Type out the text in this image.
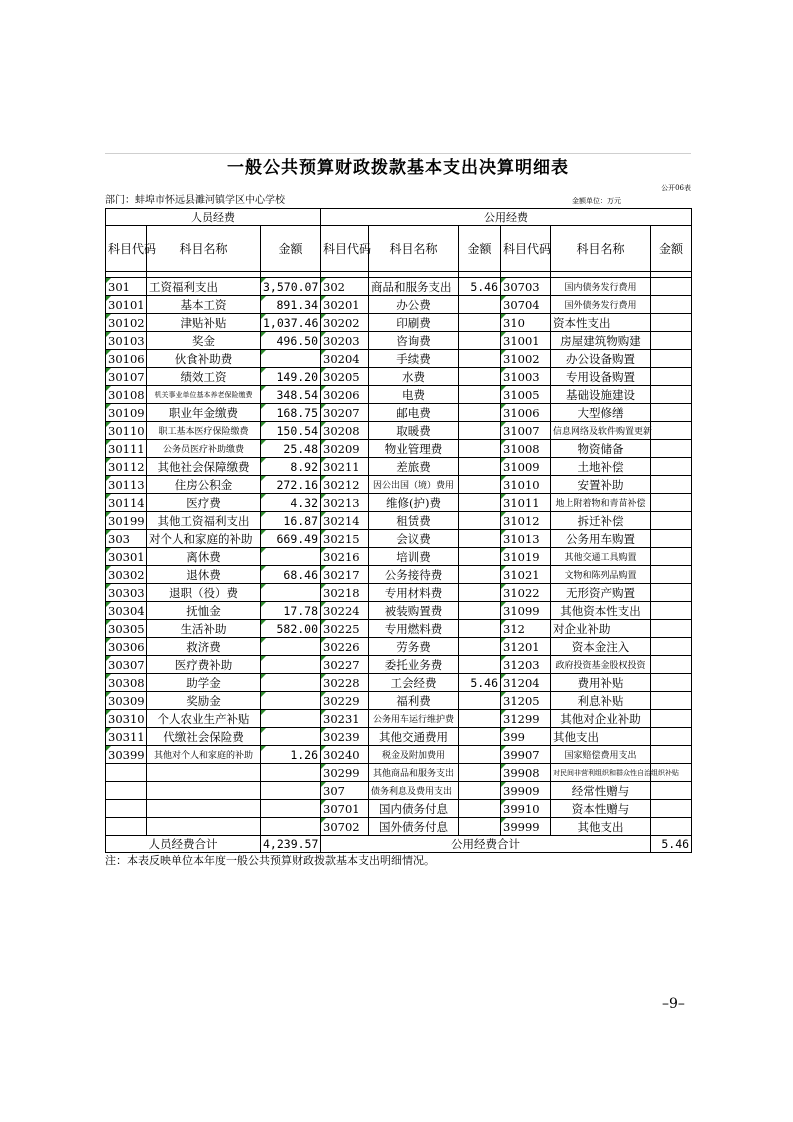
一般公共预算财政拨款基本支出决算明细表
公开06表
部门：蚌埠市怀远县濉河镇学区中心学校	金额单位：万元
人员经费			公用经费					
科目代码	科目名称	金额	科目代码	科目名称	金额	科目代码	科目名称	金额

301	工资福利支出	3,570.07	302	商品和服务支出	5.46	30703	国内债务发行费用	
30101	基本工资	891.34	30201	办公费		30704	国外债务发行费用	
30102	津贴补贴	1,037.46	30202	印刷费		310	资本性支出	
30103	奖金	496.50	30203	咨询费		31001	房屋建筑物购建	
30106	伙食补助费		30204	手续费		31002	办公设备购置	
30107	绩效工资	149.20	30205	水费		31003	专用设备购置	
30108	机关事业单位基本养老保险缴费	348.54	30206	电费		31005	基础设施建设	
30109	职业年金缴费	168.75	30207	邮电费		31006	大型修缮	
30110	职工基本医疗保险缴费	150.54	30208	取暖费		31007	信息网络及软件购置更新	
30111	公务员医疗补助缴费	25.48	30209	物业管理费		31008	物资储备	
30112	其他社会保障缴费	8.92	30211	差旅费		31009	土地补偿	
30113	住房公积金	272.16	30212	因公出国（境）费用		31010	安置补助	
30114	医疗费	4.32	30213	维修(护)费		31011	地上附着物和青苗补偿	
30199	其他工资福利支出	16.87	30214	租赁费		31012	拆迁补偿	
303	对个人和家庭的补助	669.49	30215	会议费		31013	公务用车购置	
30301	离休费		30216	培训费		31019	其他交通工具购置	
30302	退休费	68.46	30217	公务接待费		31021	文物和陈列品购置	
30303	退职（役）费		30218	专用材料费		31022	无形资产购置	
30304	抚恤金	17.78	30224	被装购置费		31099	其他资本性支出	
30305	生活补助	582.00	30225	专用燃料费		312	对企业补助	
30306	救济费		30226	劳务费		31201	资本金注入	
30307	医疗费补助		30227	委托业务费		31203	政府投资基金股权投资	
30308	助学金		30228	工会经费	5.46	31204	费用补贴	
30309	奖励金		30229	福利费		31205	利息补贴	
30310	个人农业生产补贴		30231	公务用车运行维护费		31299	其他对企业补助	
30311	代缴社会保险费		30239	其他交通费用		399	其他支出	
30399	其他对个人和家庭的补助	1.26	30240	税金及附加费用		39907	国家赔偿费用支出	
			30299	其他商品和服务支出		39908	对民间非营利组织和群众性自治组织补贴	
			307	债务利息及费用支出		39909	经常性赠与	
			30701	国内债务付息		39910	资本性赠与	
			30702	国外债务付息		39999	其他支出	
人员经费合计		4,239.57	公用经费合计					5.46
注：本表反映单位本年度一般公共预算财政拨款基本支出明细情况。
–9–
